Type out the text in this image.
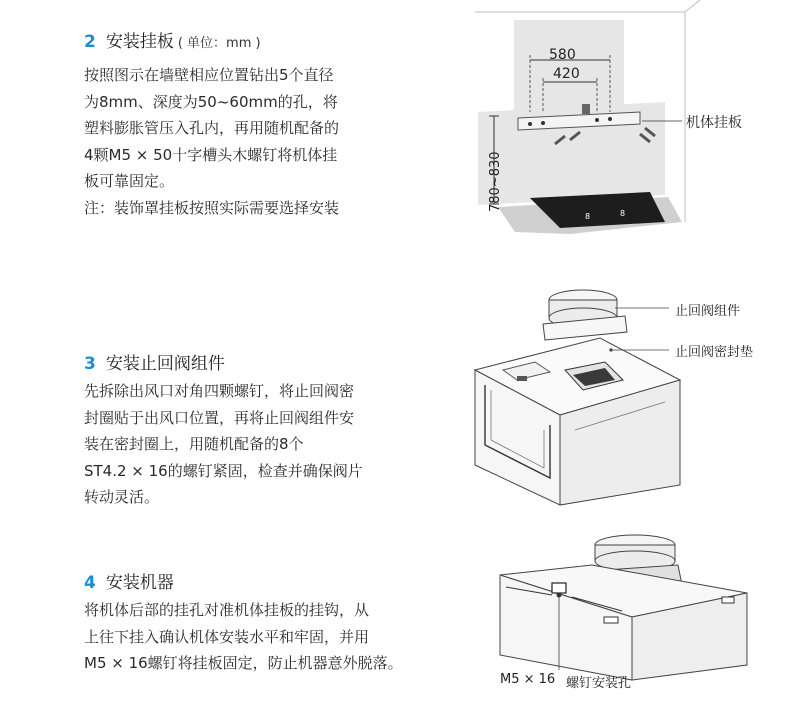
2 安装挂板 ( 单位：mm )
按照图示在墙壁相应位置钻出5个直径
为8mm、深度为50~60mm的孔，将
塑料膨胀管压入孔内，再用随机配备的
4颗M5 × 50十字槽头木螺钉将机体挂
板可靠固定。
注：装饰罩挂板按照实际需要选择安装	8	8
580
420
780~830
机体挂板
3 安装止回阀组件
先拆除出风口对角四颗螺钉，将止回阀密
封圈贴于出风口位置，再将止回阀组件安
装在密封圈上，用随机配备的8个
ST4.2 × 16的螺钉紧固，检查并确保阀片
转动灵活。
止回阀组件
止回阀密封垫
4 安装机器
将机体后部的挂孔对准机体挂板的挂钩，从
上往下挂入确认机体安装水平和牢固，并用
M5 × 16螺钉将挂板固定，防止机器意外脱落。
M5 × 16 螺钉安装孔
